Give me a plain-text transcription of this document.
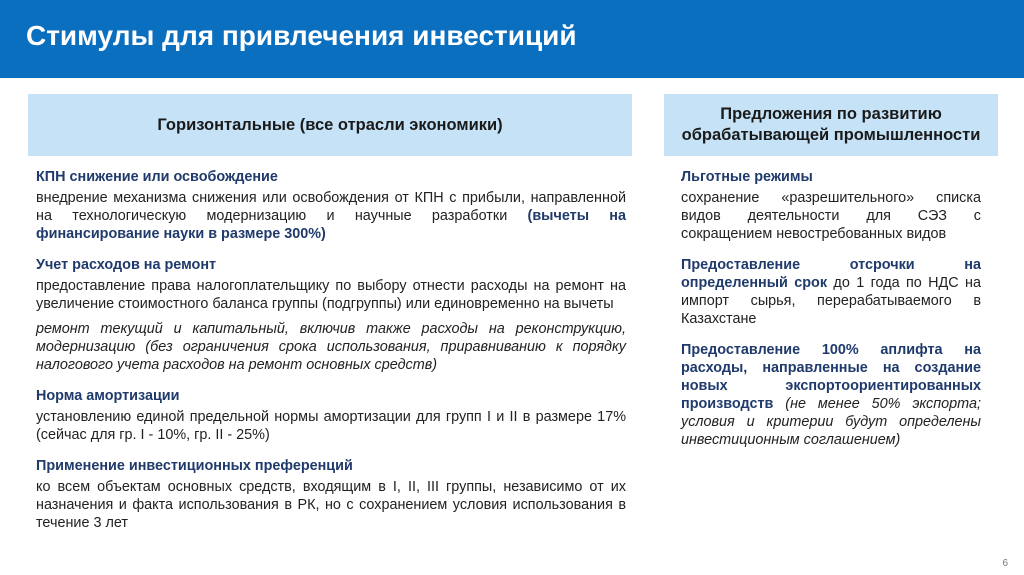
Стимулы для привлечения инвестиций
Горизонтальные (все отрасли экономики)
Предложения по развитию обрабатывающей промышленности
КПН снижение или освобождение

внедрение механизма снижения или освобождения от КПН с прибыли, направленной на технологическую модернизацию и научные разработки (вычеты на финансирование науки в размере 300%)

Учет расходов на ремонт

предоставление права налогоплательщику по выбору отнести расходы на ремонт на увеличение стоимостного баланса группы (подгруппы) или единовременно на вычеты

ремонт текущий и капитальный, включив также расходы на реконструкцию, модернизацию (без ограничения срока использования, приравниванию к порядку налогового учета расходов на ремонт основных средств)

Норма амортизации

установлению единой предельной нормы амортизации для групп I и II в размере 17% (сейчас для гр. I - 10%, гр. II - 25%)

Применение инвестиционных преференций

ко всем объектам основных средств, входящим в I, II, III группы, независимо от их назначения и факта использования в РК, но с сохранением условия использования в течение 3 лет

Льготные режимы

сохранение «разрешительного» списка видов деятельности для СЭЗ с сокращением невостребованных видов

Предоставление отсрочки на определенный срок до 1 года по НДС на импорт сырья, перерабатываемого в Казахстане

Предоставление 100% аплифта на расходы, направленные на создание новых экспортоориентированных производств (не менее 50% экспорта; условия и критерии будут определены инвестиционным соглашением)

6
